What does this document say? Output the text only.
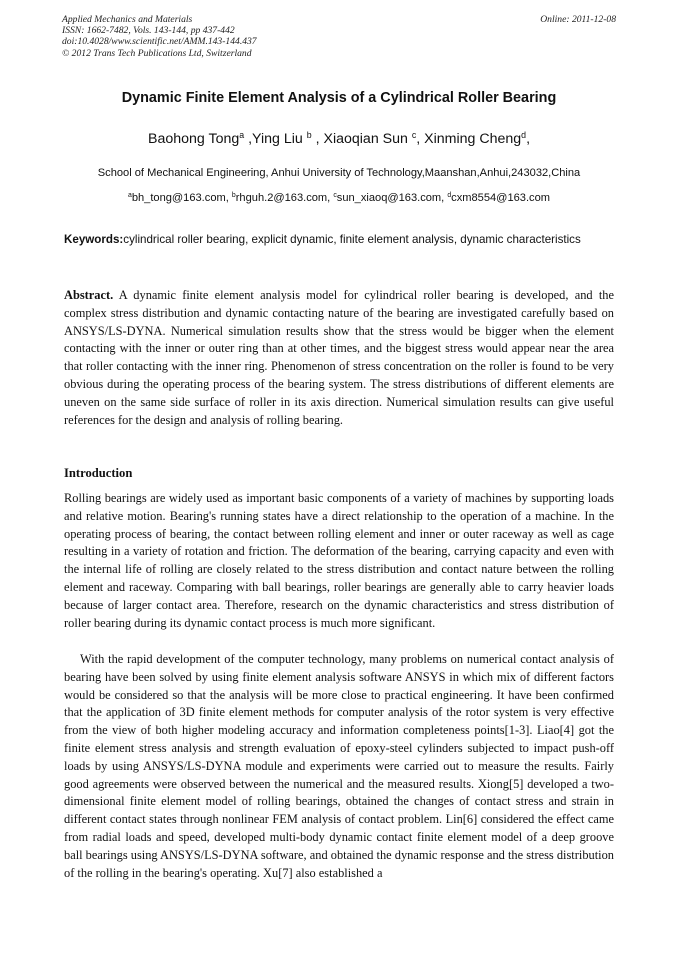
Applied Mechanics and Materials
ISSN: 1662-7482, Vols. 143-144, pp 437-442
doi:10.4028/www.scientific.net/AMM.143-144.437
© 2012 Trans Tech Publications Ltd, Switzerland
Online: 2011-12-08
Dynamic Finite Element Analysis of a Cylindrical Roller Bearing
Baohong Tong$^a$ ,Ying Liu $^b$ , Xiaoqian Sun $^c$, Xinming Cheng$^d$,
School of Mechanical Engineering, Anhui University of Technology,Maanshan,Anhui,243032,China
$^a$bh_tong@163.com, $^b$rhguh.2@163.com, $^c$sun_xiaoq@163.com, $^d$cxm8554@163.com
Keywords:cylindrical roller bearing, explicit dynamic, finite element analysis, dynamic characteristics
Abstract. A dynamic finite element analysis model for cylindrical roller bearing is developed, and the complex stress distribution and dynamic contacting nature of the bearing are investigated carefully based on ANSYS/LS-DYNA. Numerical simulation results show that the stress would be bigger when the element contacting with the inner or outer ring than at other times, and the biggest stress would appear near the area that roller contacting with the inner ring. Phenomenon of stress concentration on the roller is found to be very obvious during the operating process of the bearing system. The stress distributions of different elements are uneven on the same side surface of roller in its axis direction. Numerical simulation results can give useful references for the design and analysis of rolling bearing.
Introduction
Rolling bearings are widely used as important basic components of a variety of machines by supporting loads and relative motion. Bearing's running states have a direct relationship to the operation of a machine. In the operating process of bearing, the contact between rolling element and inner or outer raceway as well as cage resulting in a variety of rotation and friction. The deformation of the bearing, carrying capacity and even with the internal life of rolling are closely related to the stress distribution and contact nature between the rolling element and raceway. Comparing with ball bearings, roller bearings are generally able to carry heavier loads because of larger contact area. Therefore, research on the dynamic characteristics and stress distribution of roller bearing during its dynamic contact process is much more significant.
With the rapid development of the computer technology, many problems on numerical contact analysis of bearing have been solved by using finite element analysis software ANSYS in which mix of different factors would be considered so that the analysis will be more close to practical engineering. It have been confirmed that the application of 3D finite element methods for computer analysis of the rotor system is very effective from the view of both higher modeling accuracy and information completeness points[1-3]. Liao[4] got the finite element stress analysis and strength evaluation of epoxy-steel cylinders subjected to impact push-off loads by using ANSYS/LS-DYNA module and experiments were carried out to measure the results. Fairly good agreements were observed between the numerical and the measured results. Xiong[5] developed a two-dimensional finite element model of rolling bearings, obtained the changes of contact stress and strain in different contact states through nonlinear FEM analysis of contact problem. Lin[6] considered the effect came from radial loads and speed, developed multi-body dynamic contact finite element model of a deep groove ball bearings using ANSYS/LS-DYNA software, and obtained the dynamic response and the stress distribution of the rolling in the bearing's operating. Xu[7] also established a
